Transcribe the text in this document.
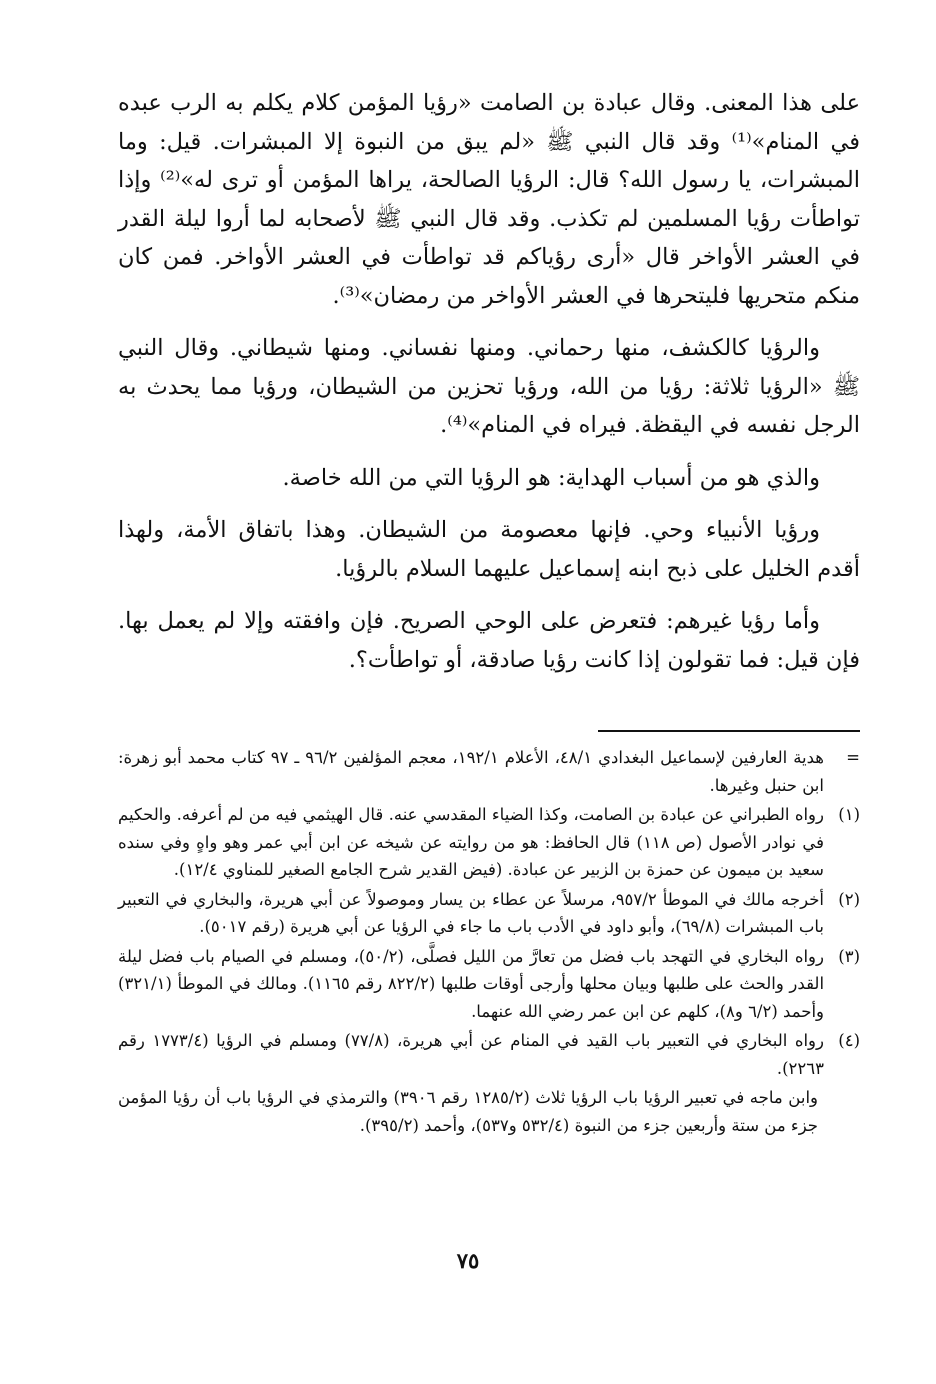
على هذا المعنى. وقال عبادة بن الصامت «رؤيا المؤمن كلام يكلم به الرب عبده في المنام»⁽¹⁾ وقد قال النبي ﷺ «لم يبق من النبوة إلا المبشرات. قيل: وما المبشرات، يا رسول الله؟ قال: الرؤيا الصالحة، يراها المؤمن أو ترى له»⁽²⁾ وإذا تواطأت رؤيا المسلمين لم تكذب. وقد قال النبي ﷺ لأصحابه لما أروا ليلة القدر في العشر الأواخر قال «أرى رؤياكم قد تواطأت في العشر الأواخر. فمن كان منكم متحريها فليتحرها في العشر الأواخر من رمضان»⁽³⁾.

والرؤيا كالكشف، منها رحماني. ومنها نفساني. ومنها شيطاني. وقال النبي ﷺ «الرؤيا ثلاثة: رؤيا من الله، ورؤيا تحزين من الشيطان، ورؤيا مما يحدث به الرجل نفسه في اليقظة. فيراه في المنام»⁽⁴⁾.

والذي هو من أسباب الهداية: هو الرؤيا التي من الله خاصة.

ورؤيا الأنبياء وحي. فإنها معصومة من الشيطان. وهذا باتفاق الأمة، ولهذا أقدم الخليل على ذبح ابنه إسماعيل عليهما السلام بالرؤيا.

وأما رؤيا غيرهم: فتعرض على الوحي الصريح. فإن وافقته وإلا لم يعمل بها. فإن قيل: فما تقولون إذا كانت رؤيا صادقة، أو تواطأت؟.

=
هدية العارفين لإسماعيل البغدادي ٤٨/١، الأعلام ١٩٢/١، معجم المؤلفين ٩٦/٢ ـ ٩٧ كتاب محمد أبو زهرة: ابن حنبل وغيرها.
(١)
رواه الطبراني عن عبادة بن الصامت، وكذا الضياء المقدسي عنه. قال الهيثمي فيه من لم أعرفه. والحكيم في نوادر الأصول (ص ١١٨) قال الحافظ: هو من روايته عن شيخه عن ابن أبي عمر وهو واهٍ وفي سنده سعيد بن ميمون عن حمزة بن الزبير عن عبادة. (فيض القدير شرح الجامع الصغير للمناوي ١٢/٤).
(٢)
أخرجه مالك في الموطأ ٩٥٧/٢، مرسلاً عن عطاء بن يسار وموصولاً عن أبي هريرة، والبخاري في التعبير باب المبشرات (٦٩/٨)، وأبو داود في الأدب باب ما جاء في الرؤيا عن أبي هريرة (رقم ٥٠١٧).
(٣)
رواه البخاري في التهجد باب فضل من تعارَّ من الليل فصلَّى، (٥٠/٢)، ومسلم في الصيام باب فضل ليلة القدر والحث على طلبها وبيان محلها وأرجى أوقات طلبها (٨٢٢/٢ رقم ١١٦٥). ومالك في الموطأ (٣٢١/١) وأحمد (٦/٢ و٨)، كلهم عن ابن عمر رضي الله عنهما.
(٤)
رواه البخاري في التعبير باب القيد في المنام عن أبي هريرة، (٧٧/٨) ومسلم في الرؤيا (١٧٧٣/٤ رقم ٢٢٦٣).
وابن ماجه في تعبير الرؤيا باب الرؤيا ثلاث (١٢٨٥/٢ رقم ٣٩٠٦) والترمذي في الرؤيا باب أن رؤيا المؤمن جزء من ستة وأربعين جزء من النبوة (٥٣٢/٤ و٥٣٧)، وأحمد (٣٩٥/٢).
٧٥
